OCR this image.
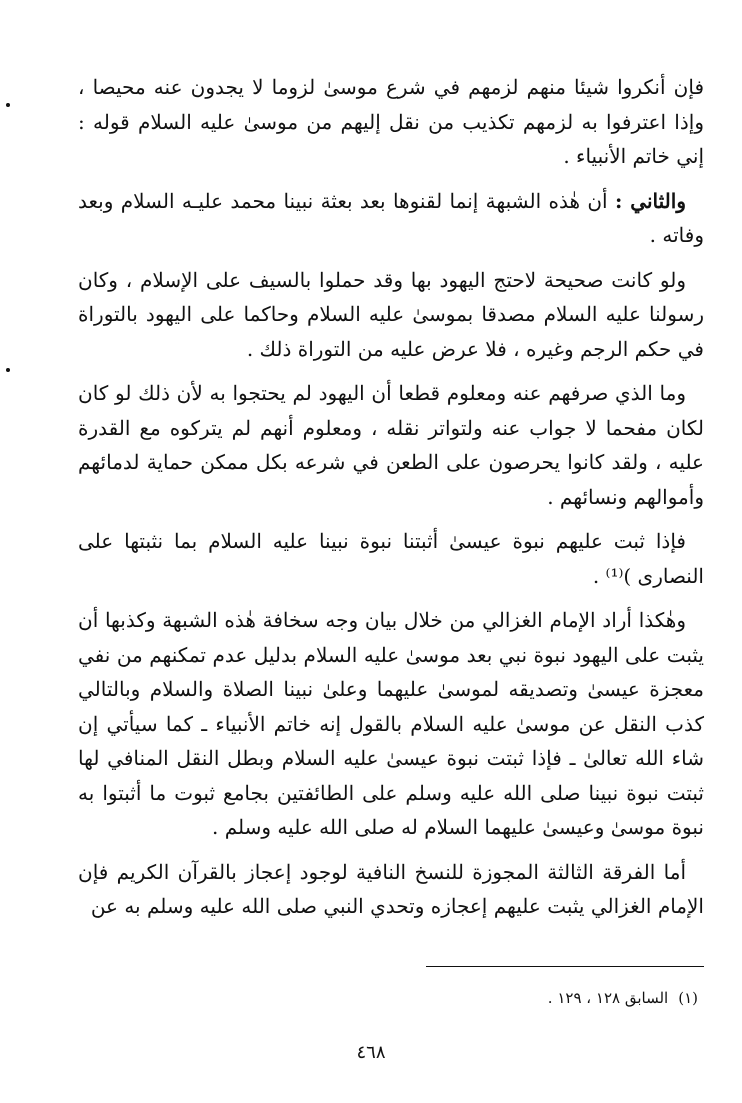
فإن أنكروا شيئا منهم لزمهم في شرع موسىٰ لزوما لا يجدون عنه محيصا ، وإذا اعترفوا به لزمهم تكذيب من نقل إليهم من موسىٰ عليه السلام قوله : إني خاتم الأنبياء .

والثاني : أن هٰذه الشبهة إنما لقنوها بعد بعثة نبينا محمد عليـه السلام وبعد وفاته .

ولو كانت صحيحة لاحتج اليهود بها وقد حملوا بالسيف على الإسلام ، وكان رسولنا عليه السلام مصدقا بموسىٰ عليه السلام وحاكما على اليهود بالتوراة في حكم الرجم وغيره ، فلا عرض عليه من التوراة ذلك .

وما الذي صرفهم عنه ومعلوم قطعا أن اليهود لم يحتجوا به لأن ذلك لو كان لكان مفحما لا جواب عنه ولتواتر نقله ، ومعلوم أنهم لم يتركوه مع القدرة عليه ، ولقد كانوا يحرصون على الطعن في شرعه بكل ممكن حماية لدمائهم وأموالهم ونسائهم .

فإذا ثبت عليهم نبوة عيسىٰ أثبتنا نبوة نبينا عليه السلام بما نثبتها على النصارى )⁽¹⁾ .

وهٰكذا أراد الإمام الغزالي من خلال بيان وجه سخافة هٰذه الشبهة وكذبها أن يثبت على اليهود نبوة نبي بعد موسىٰ عليه السلام بدليل عدم تمكنهم من نفي معجزة عيسىٰ وتصديقه لموسىٰ عليهما وعلىٰ نبينا الصلاة والسلام وبالتالي كذب النقل عن موسىٰ عليه السلام بالقول إنه خاتم الأنبياء ـ كما سيأتي إن شاء الله تعالىٰ ـ فإذا ثبتت نبوة عيسىٰ عليه السلام وبطل النقل المنافي لها ثبتت نبوة نبينا صلى الله عليه وسلم على الطائفتين بجامع ثبوت ما أثبتوا به نبوة موسىٰ وعيسىٰ عليهما السلام له صلى الله عليه وسلم .

أما الفرقة الثالثة المجوزة للنسخ النافية لوجود إعجاز بالقرآن الكريم فإن الإمام الغزالي يثبت عليهم إعجازه وتحدي النبي صلى الله عليه وسلم به عن

(١)السابق ١٢٨ ، ١٢٩ .
٤٦٨
